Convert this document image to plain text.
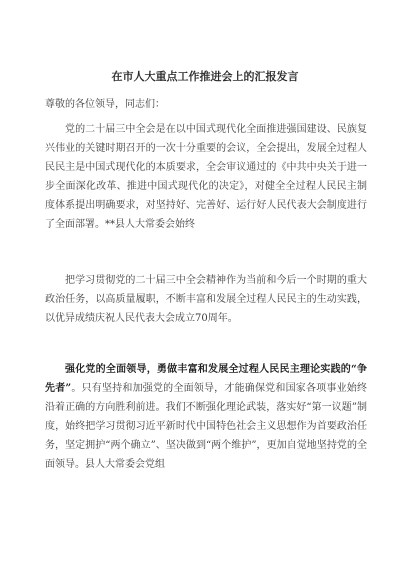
在市人大重点工作推进会上的汇报发言
尊敬的各位领导，同志们：

党的二十届三中全会是在以中国式现代化全面推进强国建设、民族复兴伟业的关键时期召开的一次十分重要的会议，全会提出，发展全过程人民民主是中国式现代化的本质要求，全会审议通过的《中共中央关于进一步全面深化改革、推进中国式现代化的决定》，对健全全过程人民民主制度体系提出明确要求，对坚持好、完善好、运行好人民代表大会制度进行了全面部署。**县人大常委会始终

把学习贯彻党的二十届三中全会精神作为当前和今后一个时期的重大政治任务，以高质量履职，不断丰富和发展全过程人民民主的生动实践，以优异成绩庆祝人民代表大会成立70周年。

强化党的全面领导，勇做丰富和发展全过程人民民主理论实践的“争先者”。只有坚持和加强党的全面领导，才能确保党和国家各项事业始终沿着正确的方向胜利前进。我们不断强化理论武装，落实好“第一议题”制度，始终把学习贯彻习近平新时代中国特色社会主义思想作为首要政治任务，坚定拥护“两个确立”、坚决做到“两个维护”，更加自觉地坚持党的全面领导。县人大常委会党组
